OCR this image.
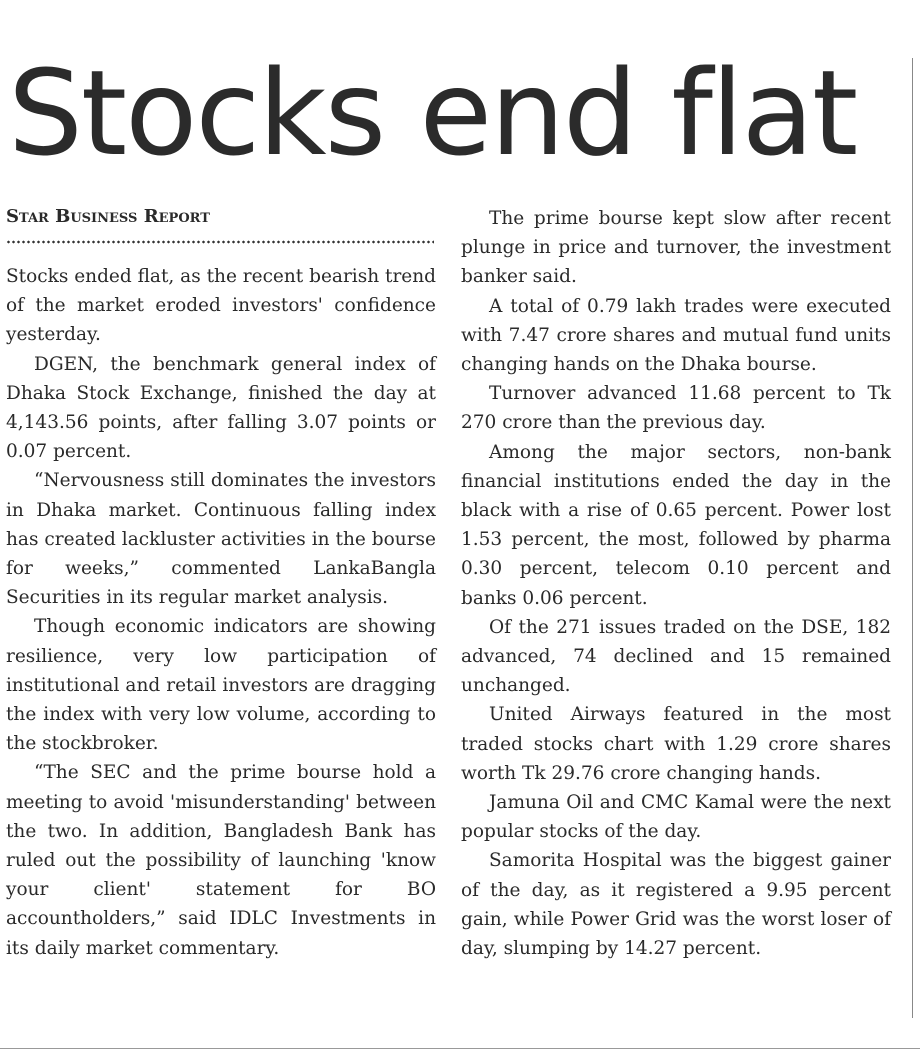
Stocks end flat
Star Business Report

Stocks ended flat, as the recent bearish trend of the market eroded investors' confidence yesterday.

DGEN, the benchmark general index of Dhaka Stock Exchange, finished the day at 4,143.56 points, after falling 3.07 points or 0.07 percent.

“Nervousness still dominates the investors in Dhaka market. Continuous falling index has created lackluster activities in the bourse for weeks,” commented LankaBangla Securities in its regular market analysis.

Though economic indicators are showing resilience, very low participation of institutional and retail investors are dragging the index with very low volume, according to the stockbroker.

“The SEC and the prime bourse hold a meeting to avoid 'misunderstanding' between the two. In addition, Bangladesh Bank has ruled out the possibility of launching 'know your client' statement for BO accountholders,” said IDLC Investments in its daily market commentary.

The prime bourse kept slow after recent plunge in price and turnover, the investment banker said.

A total of 0.79 lakh trades were executed with 7.47 crore shares and mutual fund units changing hands on the Dhaka bourse.

Turnover advanced 11.68 percent to Tk 270 crore than the previous day.

Among the major sectors, non-bank financial institutions ended the day in the black with a rise of 0.65 percent. Power lost 1.53 percent, the most, followed by pharma 0.30 percent, telecom 0.10 percent and banks 0.06 percent.

Of the 271 issues traded on the DSE, 182 advanced, 74 declined and 15 remained unchanged.

United Airways featured in the most traded stocks chart with 1.29 crore shares worth Tk 29.76 crore changing hands.

Jamuna Oil and CMC Kamal were the next popular stocks of the day.

Samorita Hospital was the biggest gainer of the day, as it registered a 9.95 percent gain, while Power Grid was the worst loser of day, slumping by 14.27 percent.
